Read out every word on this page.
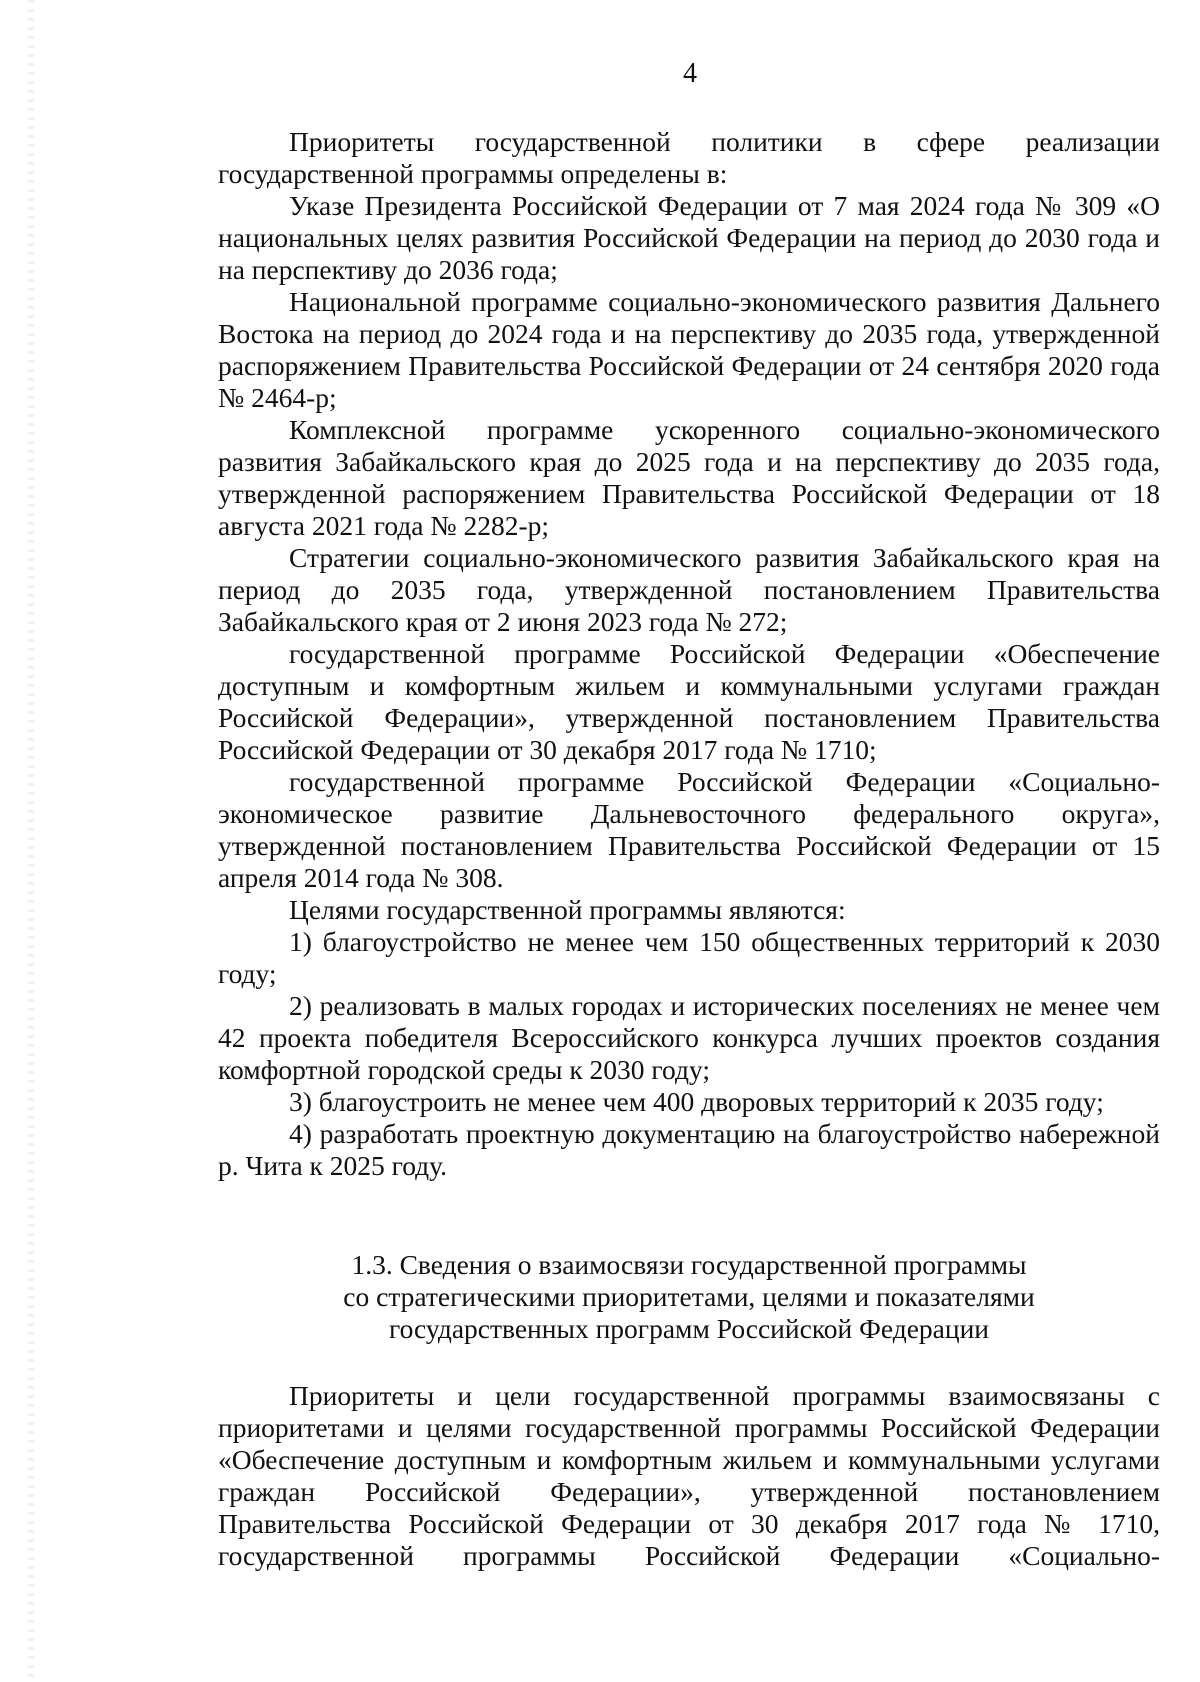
4

Приоритеты государственной политики в сфере реализации государственной программы определены в:

Указе Президента Российской Федерации от 7 мая 2024 года № 309 «О национальных целях развития Российской Федерации на период до 2030 года и на перспективу до 2036 года;

Национальной программе социально-экономического развития Дальнего Востока на период до 2024 года и на перспективу до 2035 года, утвержденной распоряжением Правительства Российской Федерации от 24 сентября 2020 года № 2464-р;

Комплексной программе ускоренного социально-экономического развития Забайкальского края до 2025 года и на перспективу до 2035 года, утвержденной распоряжением Правительства Российской Федерации от 18 августа 2021 года № 2282-р;

Стратегии социально-экономического развития Забайкальского края на период до 2035 года, утвержденной постановлением Правительства Забайкальского края от 2 июня 2023 года № 272;

государственной программе Российской Федерации «Обеспечение доступным и комфортным жильем и коммунальными услугами граждан Российской Федерации», утвержденной постановлением Правительства Российской Федерации от 30 декабря 2017 года № 1710;

государственной программе Российской Федерации «Социально-экономическое развитие Дальневосточного федерального округа», утвержденной постановлением Правительства Российской Федерации от 15 апреля 2014 года № 308.

Целями государственной программы являются:

1) благоустройство не менее чем 150 общественных территорий к 2030 году;

2) реализовать в малых городах и исторических поселениях не менее чем 42 проекта победителя Всероссийского конкурса лучших проектов создания комфортной городской среды к 2030 году;

3) благоустроить не менее чем 400 дворовых территорий к 2035 году;

4) разработать проектную документацию на благоустройство набережной р. Чита к 2025 году.

1.3. Сведения о взаимосвязи государственной программы
со стратегическими приоритетами, целями и показателями
государственных программ Российской Федерации

Приоритеты и цели государственной программы взаимосвязаны с приоритетами и целями государственной программы Российской Федерации «Обеспечение доступным и комфортным жильем и коммунальными услугами граждан Российской Федерации», утвержденной постановлением Правительства Российской Федерации от 30 декабря 2017 года № 1710, государственной программы Российской Федерации «Социально-
